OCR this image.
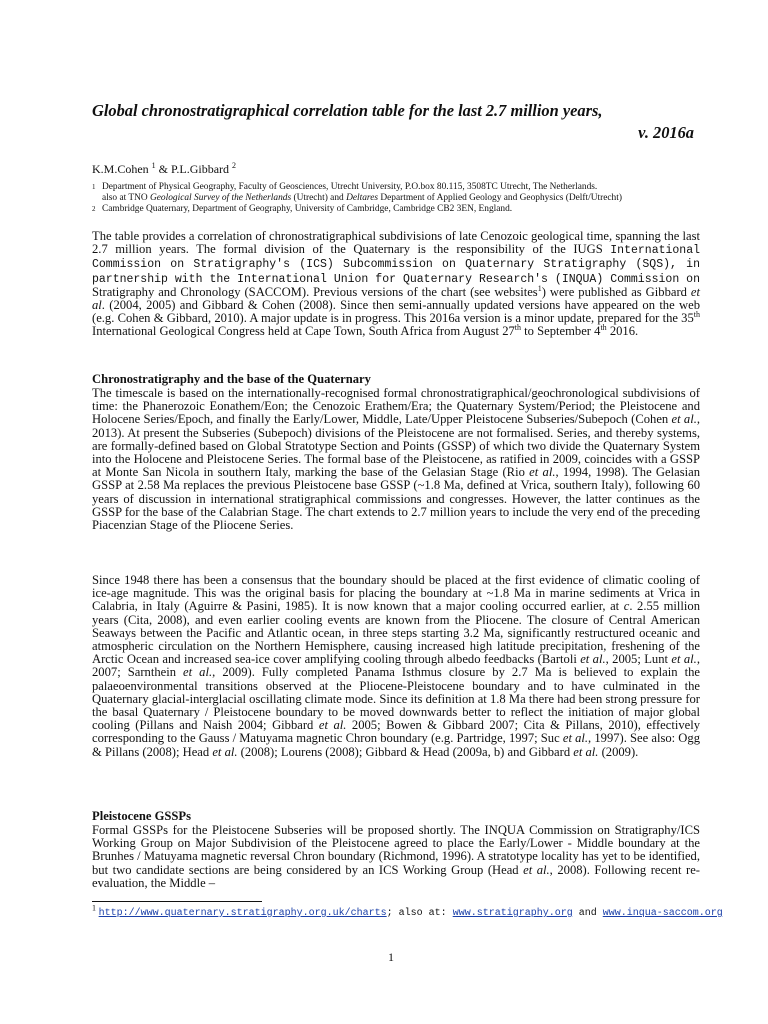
Global chronostratigraphical correlation table for the last 2.7 million years,
v. 2016a
K.M.Cohen $^1$ & P.L.Gibbard $^2$
1 Department of Physical Geography, Faculty of Geosciences, Utrecht University, P.O.box 80.115, 3508TC Utrecht, The Netherlands.
also at TNO Geological Survey of the Netherlands (Utrecht) and Deltares Department of Applied Geology and Geophysics (Delft/Utrecht)
2 Cambridge Quaternary, Department of Geography, University of Cambridge, Cambridge CB2 3EN, England.
The table provides a correlation of chronostratigraphical subdivisions of late Cenozoic geological time, spanning the last 2.7 million years. The formal division of the Quaternary is the responsibility of the IUGS International Commission on Stratigraphy's (ICS) Subcommission on Quaternary Stratigraphy (SQS), in partnership with the International Union for Quaternary Research's (INQUA) Commission on Stratigraphy and Chronology (SACCOM). Previous versions of the chart (see websites$^1$) were published as Gibbard et al. (2004, 2005) and Gibbard & Cohen (2008). Since then semi-annually updated versions have appeared on the web (e.g. Cohen & Gibbard, 2010). A major update is in progress. This 2016a version is a minor update, prepared for the 35th International Geological Congress held at Cape Town, South Africa from August 27th to September 4th 2016.
Chronostratigraphy and the base of the Quaternary
The timescale is based on the internationally-recognised formal chronostratigraphical/geochronological subdivisions of time: the Phanerozoic Eonathem/Eon; the Cenozoic Erathem/Era; the Quaternary System/Period; the Pleistocene and Holocene Series/Epoch, and finally the Early/Lower, Middle, Late/Upper Pleistocene Subseries/Subepoch (Cohen et al., 2013). At present the Subseries (Subepoch) divisions of the Pleistocene are not formalised. Series, and thereby systems, are formally-defined based on Global Stratotype Section and Points (GSSP) of which two divide the Quaternary System into the Holocene and Pleistocene Series. The formal base of the Pleistocene, as ratified in 2009, coincides with a GSSP at Monte San Nicola in southern Italy, marking the base of the Gelasian Stage (Rio et al., 1994, 1998). The Gelasian GSSP at 2.58 Ma replaces the previous Pleistocene base GSSP (~1.8 Ma, defined at Vrica, southern Italy), following 60 years of discussion in international stratigraphical commissions and congresses. However, the latter continues as the GSSP for the base of the Calabrian Stage. The chart extends to 2.7 million years to include the very end of the preceding Piacenzian Stage of the Pliocene Series.
Since 1948 there has been a consensus that the boundary should be placed at the first evidence of climatic cooling of ice-age magnitude. This was the original basis for placing the boundary at ~1.8 Ma in marine sediments at Vrica in Calabria, in Italy (Aguirre & Pasini, 1985). It is now known that a major cooling occurred earlier, at c. 2.55 million years (Cita, 2008), and even earlier cooling events are known from the Pliocene. The closure of Central American Seaways between the Pacific and Atlantic ocean, in three steps starting 3.2 Ma, significantly restructured oceanic and atmospheric circulation on the Northern Hemisphere, causing increased high latitude precipitation, freshening of the Arctic Ocean and increased sea-ice cover amplifying cooling through albedo feedbacks (Bartoli et al., 2005; Lunt et al., 2007; Sarnthein et al., 2009). Fully completed Panama Isthmus closure by 2.7 Ma is believed to explain the palaeoenvironmental transitions observed at the Pliocene-Pleistocene boundary and to have culminated in the Quaternary glacial-interglacial oscillating climate mode. Since its definition at 1.8 Ma there had been strong pressure for the basal Quaternary / Pleistocene boundary to be moved downwards better to reflect the initiation of major global cooling (Pillans and Naish 2004; Gibbard et al. 2005; Bowen & Gibbard 2007; Cita & Pillans, 2010), effectively corresponding to the Gauss / Matuyama magnetic Chron boundary (e.g. Partridge, 1997; Suc et al., 1997). See also: Ogg & Pillans (2008); Head et al. (2008); Lourens (2008); Gibbard & Head (2009a, b) and Gibbard et al. (2009).
Pleistocene GSSPs
Formal GSSPs for the Pleistocene Subseries will be proposed shortly. The INQUA Commission on Stratigraphy/ICS Working Group on Major Subdivision of the Pleistocene agreed to place the Early/Lower - Middle boundary at the Brunhes / Matuyama magnetic reversal Chron boundary (Richmond, 1996). A stratotype locality has yet to be identified, but two candidate sections are being considered by an ICS Working Group (Head et al., 2008). Following recent re-evaluation, the Middle –
$^1$ http://www.quaternary.stratigraphy.org.uk/charts; also at: www.stratigraphy.org and www.inqua-saccom.org
1
